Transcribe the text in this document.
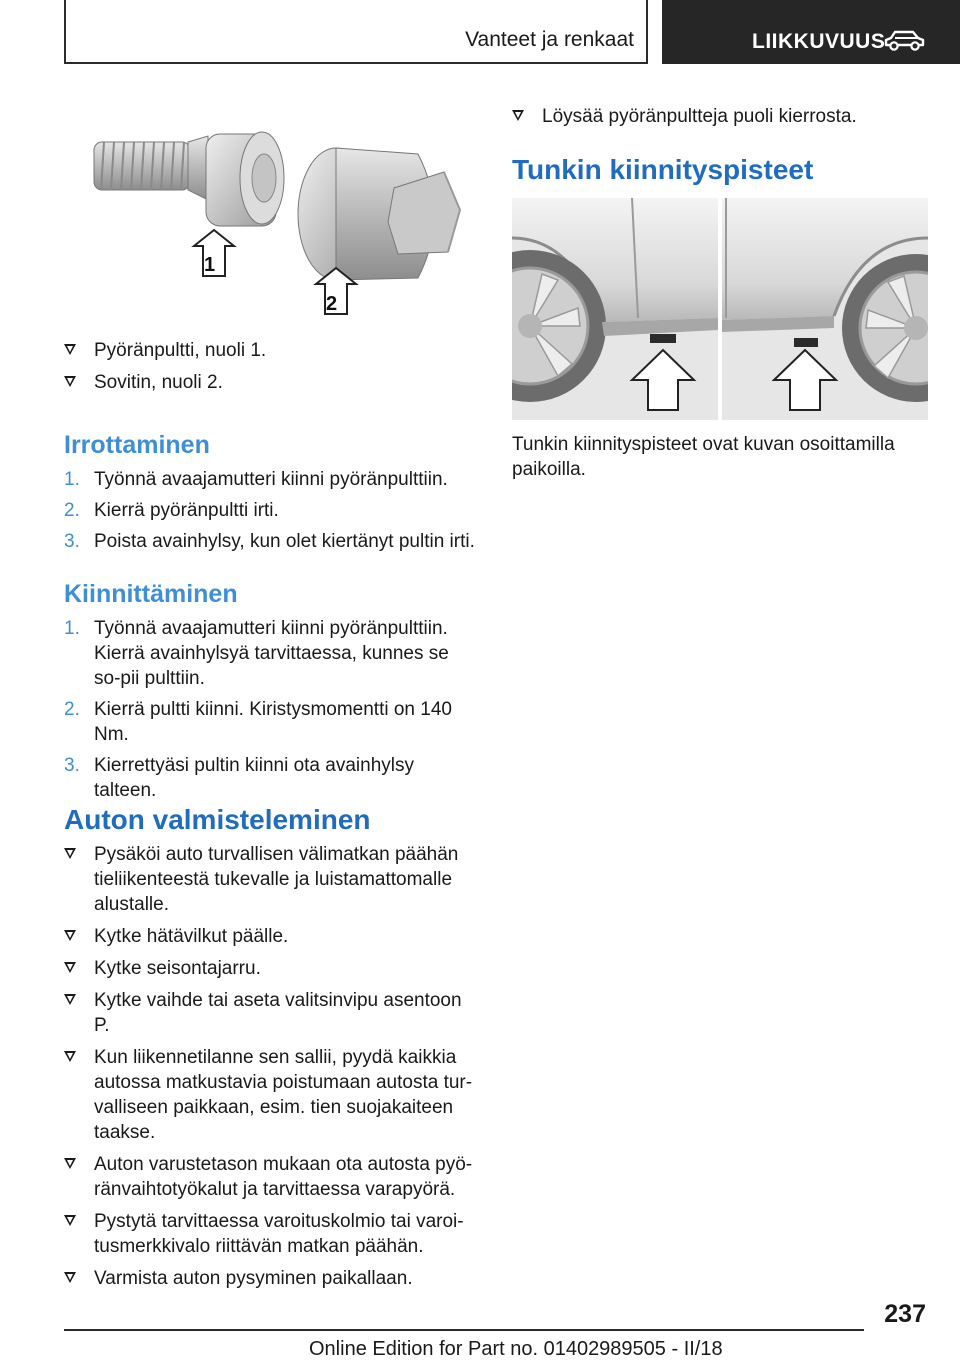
Vanteet ja renkaat	LIIKKUVUUS
1
2
Pyöränpultti, nuoli 1.
Sovitin, nuoli 2.
Irrottaminen
1. Työnnä avaajamutteri kiinni pyöränpulttiin.
2. Kierrä pyöränpultti irti.
3. Poista avainhylsy, kun olet kiertänyt pultin irti.
Kiinnittäminen
1. Työnnä avaajamutteri kiinni pyöränpulttiin. Kierrä avainhylsyä tarvittaessa, kunnes se so-pii pulttiin.
2. Kierrä pultti kiinni. Kiristysmomentti on 140 Nm.
3. Kierrettyäsi pultin kiinni ota avainhylsy talteen.
Auton valmisteleminen
Pysäköi auto turvallisen välimatkan päähän tieliikenteestä tukevalle ja luistamattomalle alustalle.
Kytke hätävilkut päälle.
Kytke seisontajarru.
Kytke vaihde tai aseta valitsinvipu asentoon P.
Kun liikennetilanne sen sallii, pyydä kaikkia autossa matkustavia poistumaan autosta tur-valliseen paikkaan, esim. tien suojakaiteen taakse.
Auton varustetason mukaan ota autosta pyö-ränvaihtotyökalut ja tarvittaessa varapyörä.
Pystytä tarvittaessa varoituskolmio tai varoi-tusmerkkivalo riittävän matkan päähän.
Varmista auton pysyminen paikallaan.
Löysää pyöränpultteja puoli kierrosta.
Tunkin kiinnityspisteet
Tunkin kiinnityspisteet ovat kuvan osoittamilla paikoilla.
237
Online Edition for Part no. 01402989505 - II/18
